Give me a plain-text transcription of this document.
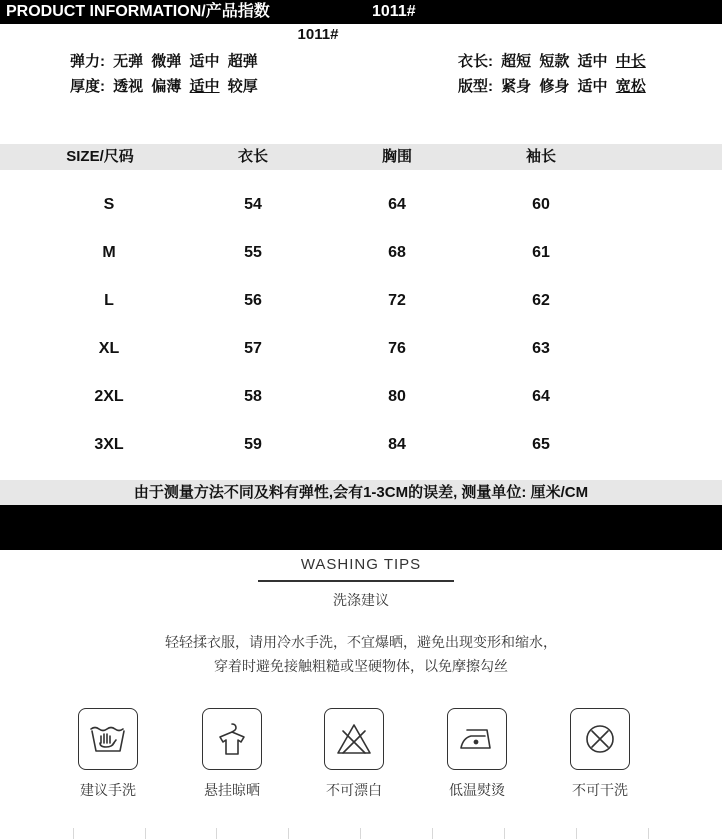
PRODUCT INFORMATION/产品指数	1011#
1011#
弹力: 无弹 微弹 适中 超弹
厚度: 透视 偏薄 适中 较厚
衣长: 超短 短款 适中 中长
版型: 紧身 修身 适中 宽松
SIZE/尺码	衣长	胸围	袖长
S	54	64	60
M	55	68	61
L	56	72	62
XL	57	76	63
2XL	58	80	64
3XL	59	84	65
由于测量方法不同及料有弹性,会有1-3CM的误差, 测量单位: 厘米/CM
WASHING TIPS
洗涤建议
轻轻揉衣服，请用冷水手洗，不宜爆晒，避免出现变形和缩水，
穿着时避免接触粗糙或坚硬物体，以免摩擦勾丝
建议手洗	悬挂晾晒	不可漂白	低温熨烫	不可干洗
